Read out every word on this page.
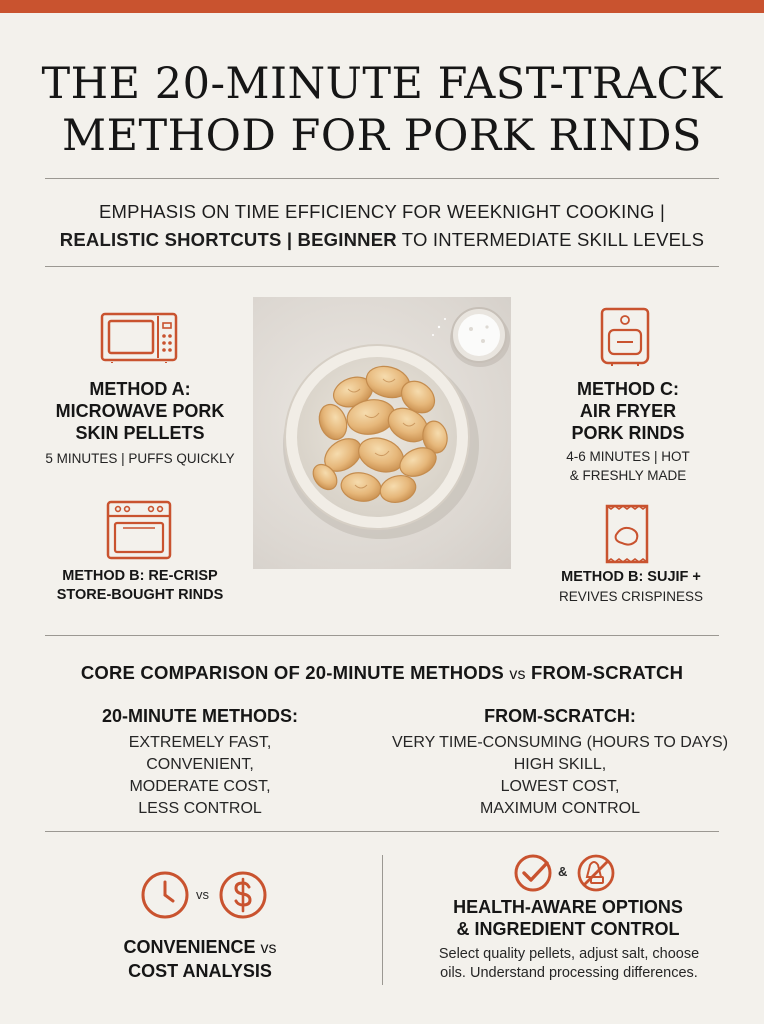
THE 20-MINUTE FAST-TRACK
METHOD FOR PORK RINDS
EMPHASIS ON TIME EFFICIENCY FOR WEEKNIGHT COOKING |
REALISTIC SHORTCUTS | BEGINNER TO INTERMEDIATE SKILL LEVELS
METHOD A:
MICROWAVE PORK
SKIN PELLETS
5 MINUTES | PUFFS QUICKLY
METHOD B: RE-CRISP
STORE-BOUGHT RINDS
METHOD C:
AIR FRYER
PORK RINDS
4-6 MINUTES | HOT
& FRESHLY MADE
METHOD B: SUJIF +
REVIVES CRISPINESS
CORE COMPARISON OF 20-MINUTE METHODS vs FROM-SCRATCH
20-MINUTE METHODS:
EXTREMELY FAST,
CONVENIENT,
MODERATE COST,
LESS CONTROL
FROM-SCRATCH:
VERY TIME-CONSUMING (HOURS TO DAYS)
HIGH SKILL,
LOWEST COST,
MAXIMUM CONTROL
vs
CONVENIENCE vs
COST ANALYSIS
&
HEALTH-AWARE OPTIONS
& INGREDIENT CONTROL
Select quality pellets, adjust salt, choose
oils. Understand processing differences.
